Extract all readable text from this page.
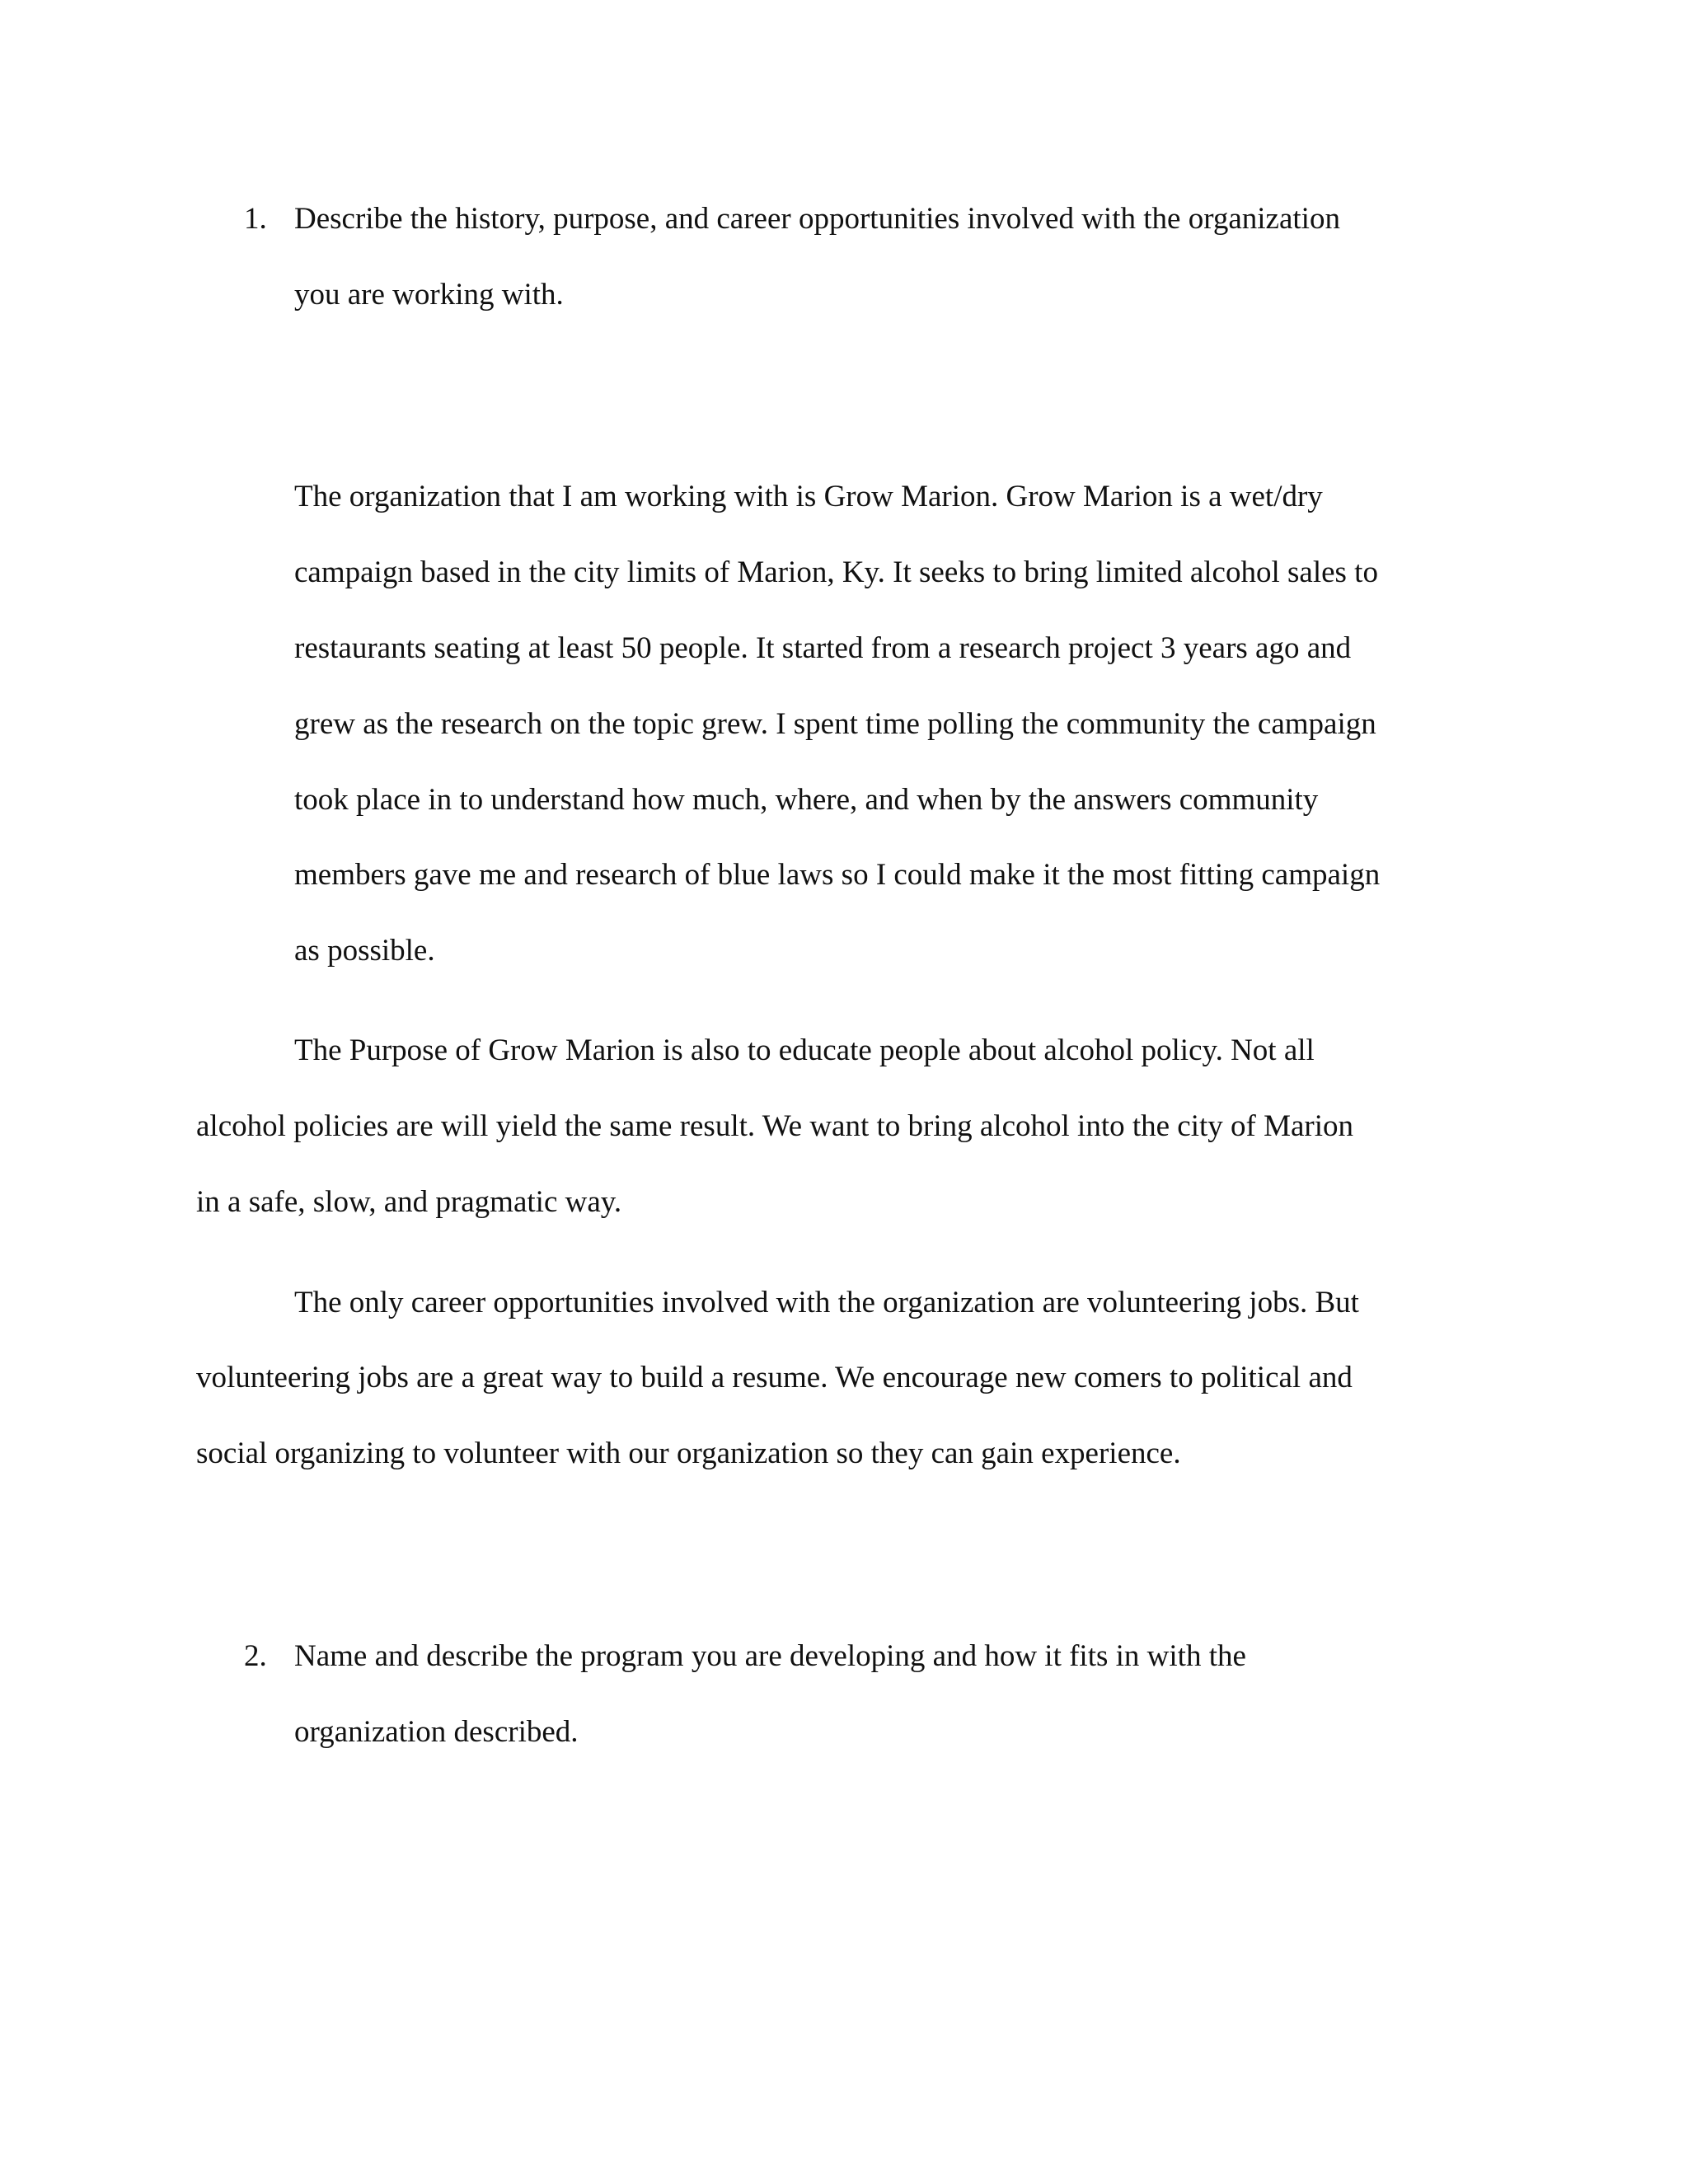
1. Describe the history, purpose, and career opportunities involved with the organization
you are working with.
The organization that I am working with is Grow Marion. Grow Marion is a wet/dry
campaign based in the city limits of Marion, Ky. It seeks to bring limited alcohol sales to
restaurants seating at least 50 people. It started from a research project 3 years ago and
grew as the research on the topic grew. I spent time polling the community the campaign
took place in to understand how much, where, and when by the answers community
members gave me and research of blue laws so I could make it the most fitting campaign
as possible.
The Purpose of Grow Marion is also to educate people about alcohol policy. Not all
alcohol policies are will yield the same result. We want to bring alcohol into the city of Marion
in a safe, slow, and pragmatic way.
The only career opportunities involved with the organization are volunteering jobs. But
volunteering jobs are a great way to build a resume. We encourage new comers to political and
social organizing to volunteer with our organization so they can gain experience.
2. Name and describe the program you are developing and how it fits in with the
organization described.
